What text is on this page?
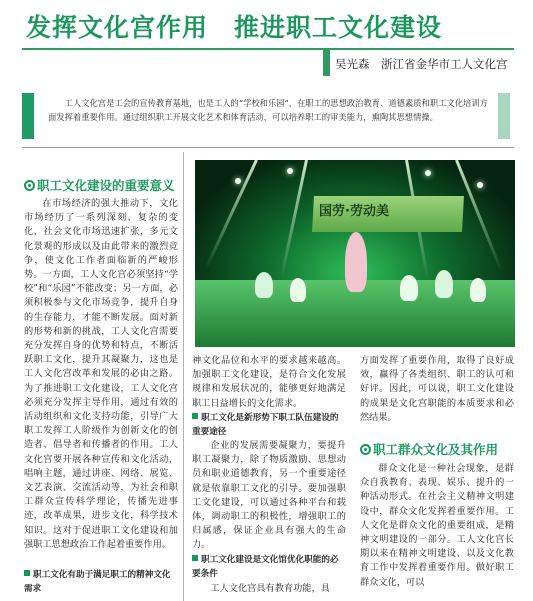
发挥文化宫作用　推进职工文化建设
吴光森　浙江省金华市工人文化宫
工人文化宫是工会的宣传教育基地，也是工人的“学校和乐园”，在职工的思想政治教育、道德素质和职工文化培训方面发挥着重要作用。通过组织职工开展文化艺术和体育活动，可以培养职工的审美能力，熏陶其思想情操。
职工文化建设的重要意义
在市场经济的强大推动下，文化市场经历了一系列深刻、复杂的变化，社会文化市场迅速扩张，多元文化景观的形成以及由此带来的激烈竞争，使文化工作者面临新的严峻形势。一方面，工人文化宫必须坚持“学校”和“乐园”不能改变；另一方面，必须积极参与文化市场竞争，提升自身的生存能力，才能不断发展。面对新的形势和新的挑战，工人文化宫需要充分发挥自身的优势和特点，不断活跃职工文化，提升其凝聚力，这也是工人文化宫改革和发展的必由之路。为了推进职工文化建设，工人文化宫必须充分发挥主导作用，通过有效的活动组织和文化支持功能，引导广大职工发挥工人阶级作为创新文化的创造者、倡导者和传播者的作用。工人文化宫要开展各种宣传和文化活动，唱响主题，通过讲座、网络、展览、文艺表演、交流活动等，为社会和职工群众宣传科学理论，传播先进事迹，改革成果，进步文化，科学技术知识。这对于促进职工文化建设和加强职工思想政治工作起着重要作用。
职工文化有助于满足职工的精神文化需求
国劳·劳动美
神文化品位和水平的要求越来越高。加强职工文化建设，是符合文化发展规律和发展状况的，能够更好地满足职工日益增长的文化需求。
职工文化是新形势下职工队伍建设的重要途径
企业的发展需要凝聚力，要提升职工凝聚力，除了物质激励、思想动员和职业道德教育，另一个重要途径就是依靠职工文化的引导。要加强职工文化建设，可以通过各种平台和载体，调动职工的积极性，增强职工的归属感，保证企业具有强大的生命力。
职工文化建设是文化馆优化职能的必要条件
工人文化宫具有教育功能，具
方面发挥了重要作用，取得了良好成效，赢得了各类组织、职工的认可和好评。因此，可以说，职工文化建设的成果是文化宫职能的本质要求和必然结果。
职工群众文化及其作用
群众文化是一种社会现象，是群众自我教育、表现、娱乐、提升的一种活动形式。在社会主义精神文明建设中，群众文化发挥着重要作用。工人文化是群众文化的重要组成，是精神文明建设的一部分。工人文化宫长期以来在精神文明建设、以及文化教育工作中发挥着重要作用。做好职工群众文化，可以
